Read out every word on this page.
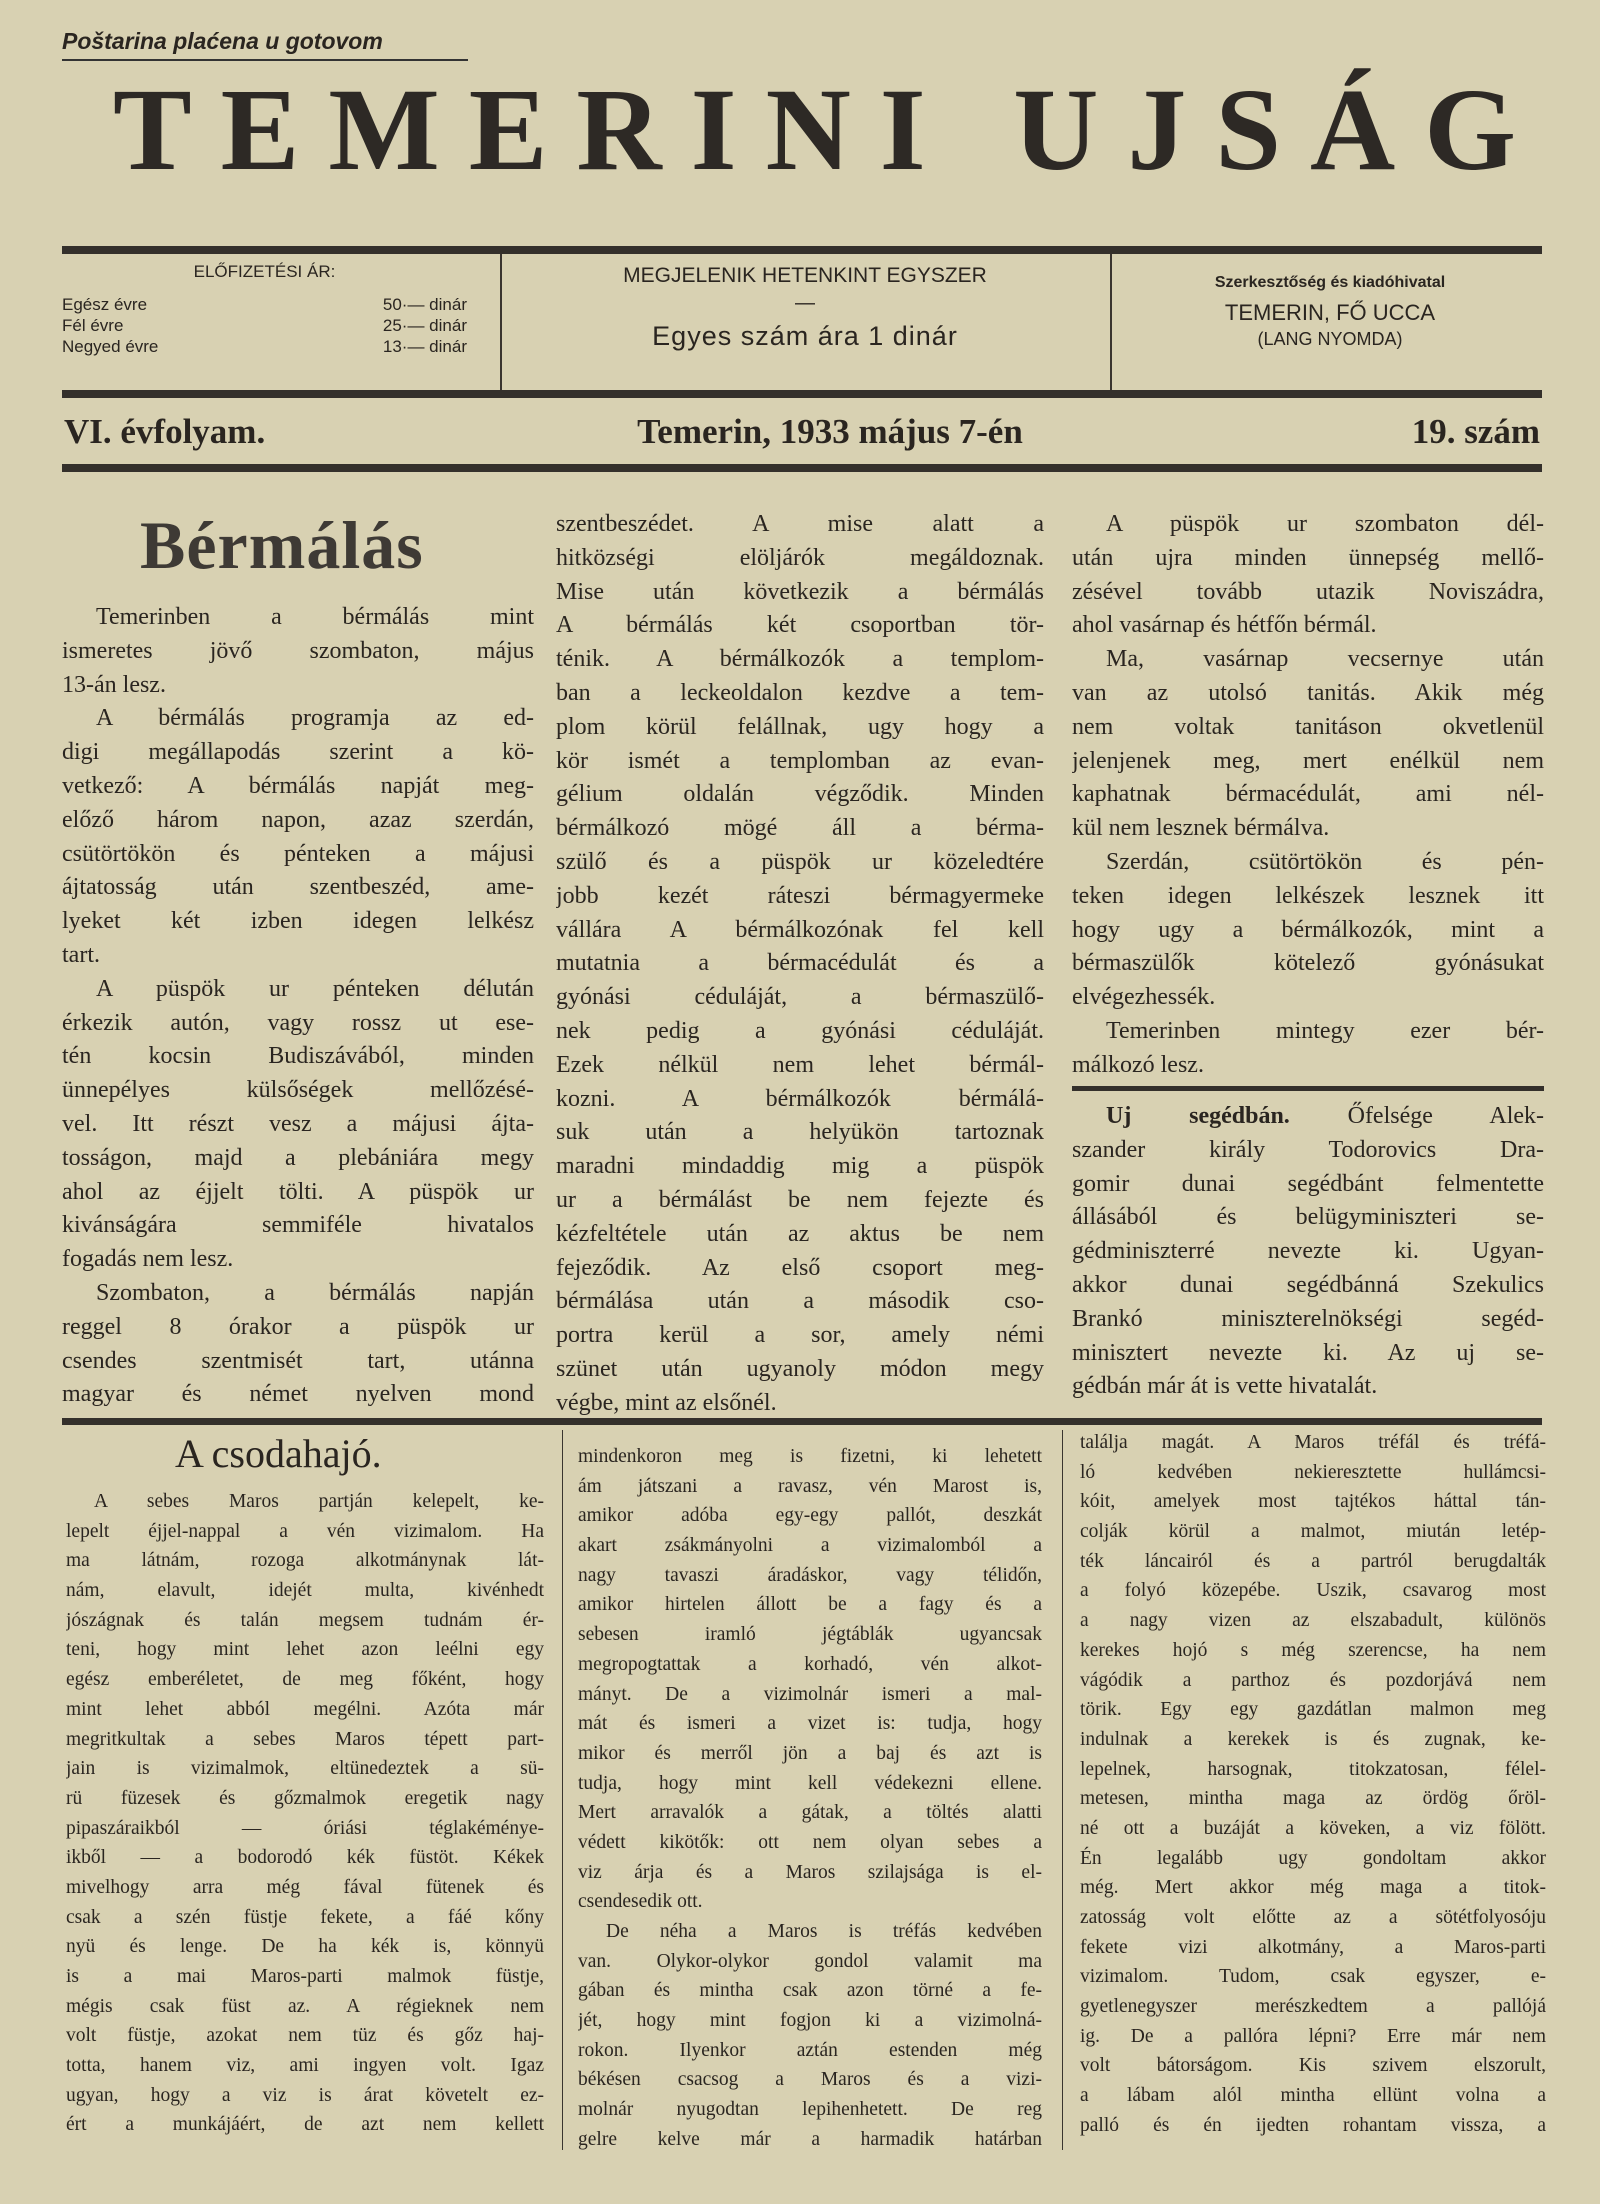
Poštarina plaćena u gotovom
TEMERINI UJSÁG
ELŐFIZETÉSI ÁR:
Egész évre	50·— dinár
Fél évre	25·— dinár
Negyed évre	13·— dinár
MEGJELENIK HETENKINT EGYSZER
—
Egyes szám ára 1 dinár
Szerkesztőség és kiadóhivatal
TEMERIN, FŐ UCCA
(LANG NYOMDA)
VI. évfolyam.	Temerin, 1933 május 7-én	19. szám
Bérmálás
Temerinben a bérmálás mint
ismeretes jövő szombaton, május
13-án lesz.
A bérmálás programja az ed-
digi megállapodás szerint a kö-
vetkező: A bérmálás napját meg-
előző három napon, azaz szerdán,
csütörtökön és pénteken a májusi
ájtatosság után szentbeszéd, ame-
lyeket két izben idegen lelkész
tart.
A püspök ur pénteken délután
érkezik autón, vagy rossz ut ese-
tén kocsin Budiszávából, minden
ünnepélyes külsőségek mellőzésé-
vel. Itt részt vesz a májusi ájta-
tosságon, majd a plebániára megy
ahol az éjjelt tölti. A püspök ur
kivánságára semmiféle hivatalos
fogadás nem lesz.
Szombaton, a bérmálás napján
reggel 8 órakor a püspök ur
csendes szentmisét tart, utánna
magyar és német nyelven mond
szentbeszédet. A mise alatt a
hitközségi elöljárók megáldoznak.
Mise után következik a bérmálás
A bérmálás két csoportban tör-
ténik. A bérmálkozók a templom-
ban a leckeoldalon kezdve a tem-
plom körül felállnak, ugy hogy a
kör ismét a templomban az evan-
gélium oldalán végződik. Minden
bérmálkozó mögé áll a bérma-
szülő és a püspök ur közeledtére
jobb kezét ráteszi bérmagyermeke
vállára A bérmálkozónak fel kell
mutatnia a bérmacédulát és a
gyónási céduláját, a bérmaszülő-
nek pedig a gyónási céduláját.
Ezek nélkül nem lehet bérmál-
kozni. A bérmálkozók bérmálá-
suk után a helyükön tartoznak
maradni mindaddig mig a püspök
ur a bérmálást be nem fejezte és
kézfeltétele után az aktus be nem
fejeződik. Az első csoport meg-
bérmálása után a második cso-
portra kerül a sor, amely némi
szünet után ugyanoly módon megy
végbe, mint az elsőnél.
A püspök ur szombaton dél-
után ujra minden ünnepség mellő-
zésével tovább utazik Noviszádra,
ahol vasárnap és hétfőn bérmál.
Ma, vasárnap vecsernye után
van az utolsó tanitás. Akik még
nem voltak tanitáson okvetlenül
jelenjenek meg, mert enélkül nem
kaphatnak bérmacédulát, ami nél-
kül nem lesznek bérmálva.
Szerdán, csütörtökön és pén-
teken idegen lelkészek lesznek itt
hogy ugy a bérmálkozók, mint a
bérmaszülők kötelező gyónásukat
elvégezhessék.
Temerinben mintegy ezer bér-
málkozó lesz.
Uj segédbán. Őfelsége Alek-
szander király Todorovics Dra-
gomir dunai segédbánt felmentette
állásából és belügyminiszteri se-
gédminiszterré nevezte ki. Ugyan-
akkor dunai segédbánná Szekulics
Brankó miniszterelnökségi segéd-
minisztert nevezte ki. Az uj se-
gédbán már át is vette hivatalát.
A csodahajó.
A sebes Maros partján kelepelt, ke-
lepelt éjjel-nappal a vén vizimalom. Ha
ma látnám, rozoga alkotmánynak lát-
nám, elavult, idejét multa, kivénhedt
jószágnak és talán megsem tudnám ér-
teni, hogy mint lehet azon leélni egy
egész emberéletet, de meg főként, hogy
mint lehet abból megélni. Azóta már
megritkultak a sebes Maros tépett part-
jain is vizimalmok, eltünedeztek a sü-
rü füzesek és gőzmalmok eregetik nagy
pipaszáraikból — óriási téglakéménye-
ikből — a bodorodó kék füstöt. Kékek
mivelhogy arra még fával fütenek és
csak a szén füstje fekete, a fáé kőny
nyü és lenge. De ha kék is, könnyü
is a mai Maros-parti malmok füstje,
mégis csak füst az. A régieknek nem
volt füstje, azokat nem tüz és gőz haj-
totta, hanem viz, ami ingyen volt. Igaz
ugyan, hogy a viz is árat követelt ez-
ért a munkájáért, de azt nem kellett
mindenkoron meg is fizetni, ki lehetett
ám játszani a ravasz, vén Marost is,
amikor adóba egy-egy pallót, deszkát
akart zsákmányolni a vizimalomból a
nagy tavaszi áradáskor, vagy télidőn,
amikor hirtelen állott be a fagy és a
sebesen iramló jégtáblák ugyancsak
megropogtattak a korhadó, vén alkot-
mányt. De a vizimolnár ismeri a mal-
mát és ismeri a vizet is: tudja, hogy
mikor és merről jön a baj és azt is
tudja, hogy mint kell védekezni ellene.
Mert arravalók a gátak, a töltés alatti
védett kikötők: ott nem olyan sebes a
viz árja és a Maros szilajsága is el-
csendesedik ott.
De néha a Maros is tréfás kedvében
van. Olykor-olykor gondol valamit ma
gában és mintha csak azon törné a fe-
jét, hogy mint fogjon ki a vizimolná-
rokon. Ilyenkor aztán estenden még
békésen csacsog a Maros és a vizi-
molnár nyugodtan lepihenhetett. De reg
gelre kelve már a harmadik határban
találja magát. A Maros tréfál és tréfá-
ló kedvében nekieresztette hullámcsi-
kóit, amelyek most tajtékos háttal tán-
colják körül a malmot, miután letép-
ték láncairól és a partról berugdalták
a folyó közepébe. Uszik, csavarog most
a nagy vizen az elszabadult, különös
kerekes hojó s még szerencse, ha nem
vágódik a parthoz és pozdorjává nem
törik. Egy egy gazdátlan malmon meg
indulnak a kerekek is és zugnak, ke-
lepelnek, harsognak, titokzatosan, félel-
metesen, mintha maga az ördög őröl-
né ott a buzáját a köveken, a viz fölött.
Én legalább ugy gondoltam akkor
még. Mert akkor még maga a titok-
zatosság volt előtte az a sötétfolyosóju
fekete vizi alkotmány, a Maros-parti
vizimalom. Tudom, csak egyszer, e-
gyetlenegyszer merészkedtem a pallójá
ig. De a pallóra lépni? Erre már nem
volt bátorságom. Kis szivem elszorult,
a lábam alól mintha ellünt volna a
palló és én ijedten rohantam vissza, a
